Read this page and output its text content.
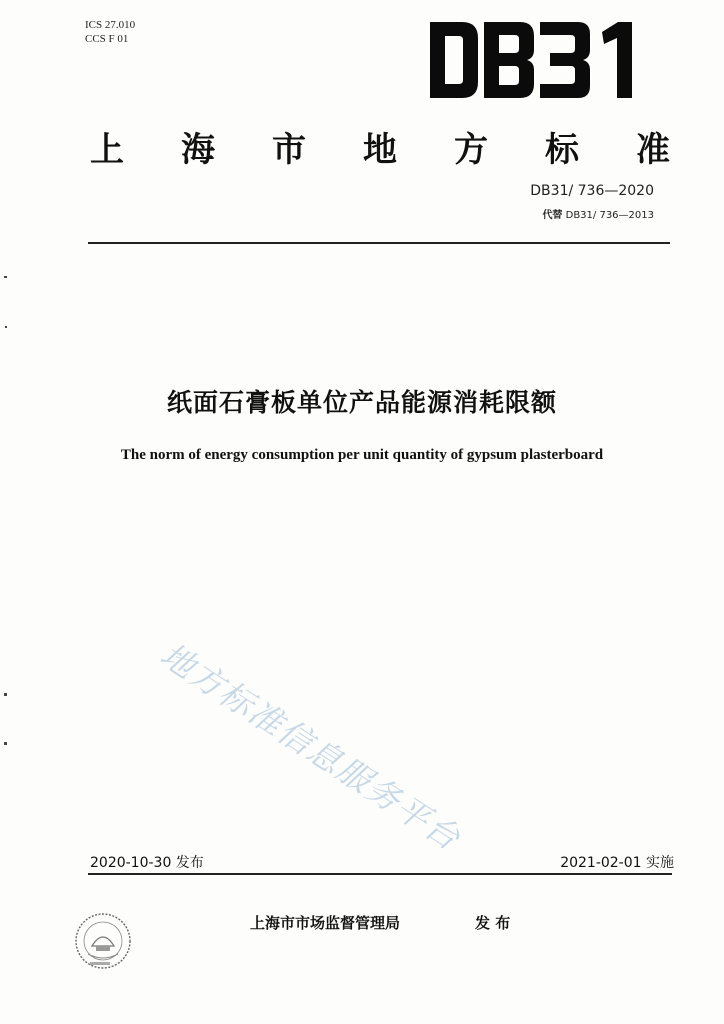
ICS 27.010
CCS F 01
上 海 市 地 方 标 准
DB31/ 736—2020
代替 DB31/ 736—2013
纸面石膏板单位产品能源消耗限额
The norm of energy consumption per unit quantity of gypsum plasterboard
地方标准信息服务平台
2020-10-30 发布	2021-02-01 实施
上海市市场监督管理局	发 布
